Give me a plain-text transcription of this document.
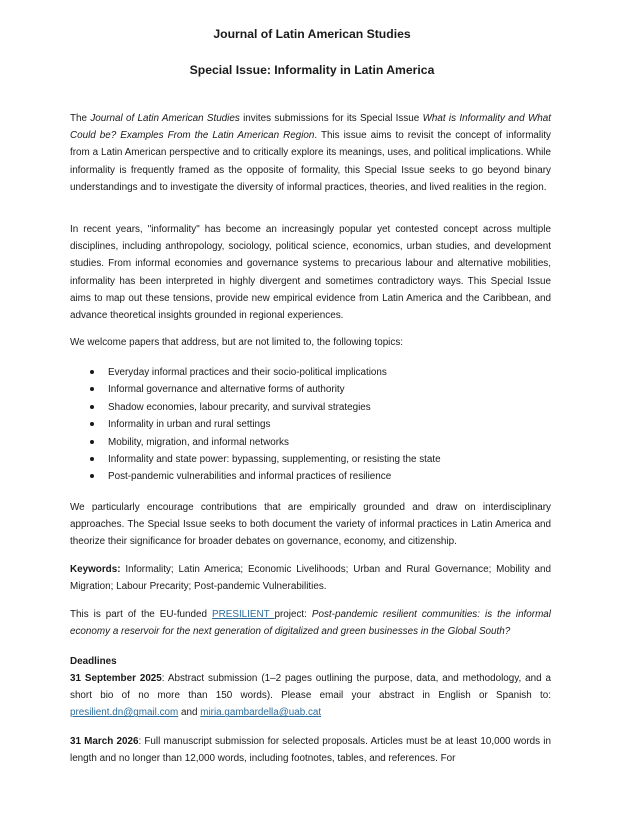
Journal of Latin American Studies
Special Issue: Informality in Latin America

The Journal of Latin American Studies invites submissions for its Special Issue What is Informality and What Could be? Examples From the Latin American Region. This issue aims to revisit the concept of informality from a Latin American perspective and to critically explore its meanings, uses, and political implications. While informality is frequently framed as the opposite of formality, this Special Issue seeks to go beyond binary understandings and to investigate the diversity of informal practices, theories, and lived realities in the region.

In recent years, "informality" has become an increasingly popular yet contested concept across multiple disciplines, including anthropology, sociology, political science, economics, urban studies, and development studies. From informal economies and governance systems to precarious labour and alternative mobilities, informality has been interpreted in highly divergent and sometimes contradictory ways. This Special Issue aims to map out these tensions, provide new empirical evidence from Latin America and the Caribbean, and advance theoretical insights grounded in regional experiences.

We welcome papers that address, but are not limited to, the following topics:

Everyday informal practices and their socio-political implications
Informal governance and alternative forms of authority
Shadow economies, labour precarity, and survival strategies
Informality in urban and rural settings
Mobility, migration, and informal networks
Informality and state power: bypassing, supplementing, or resisting the state
Post-pandemic vulnerabilities and informal practices of resilience

We particularly encourage contributions that are empirically grounded and draw on interdisciplinary approaches. The Special Issue seeks to both document the variety of informal practices in Latin America and theorize their significance for broader debates on governance, economy, and citizenship.

Keywords: Informality; Latin America; Economic Livelihoods; Urban and Rural Governance; Mobility and Migration; Labour Precarity; Post-pandemic Vulnerabilities.

This is part of the EU-funded PRESILIENT project: Post-pandemic resilient communities: is the informal economy a reservoir for the next generation of digitalized and green businesses in the Global South?

Deadlines

31 September 2025: Abstract submission (1–2 pages outlining the purpose, data, and methodology, and a short bio of no more than 150 words). Please email your abstract in English or Spanish to: presilient.dn@gmail.com and miria.gambardella@uab.cat

31 March 2026: Full manuscript submission for selected proposals. Articles must be at least 10,000 words in length and no longer than 12,000 words, including footnotes, tables, and references. For
